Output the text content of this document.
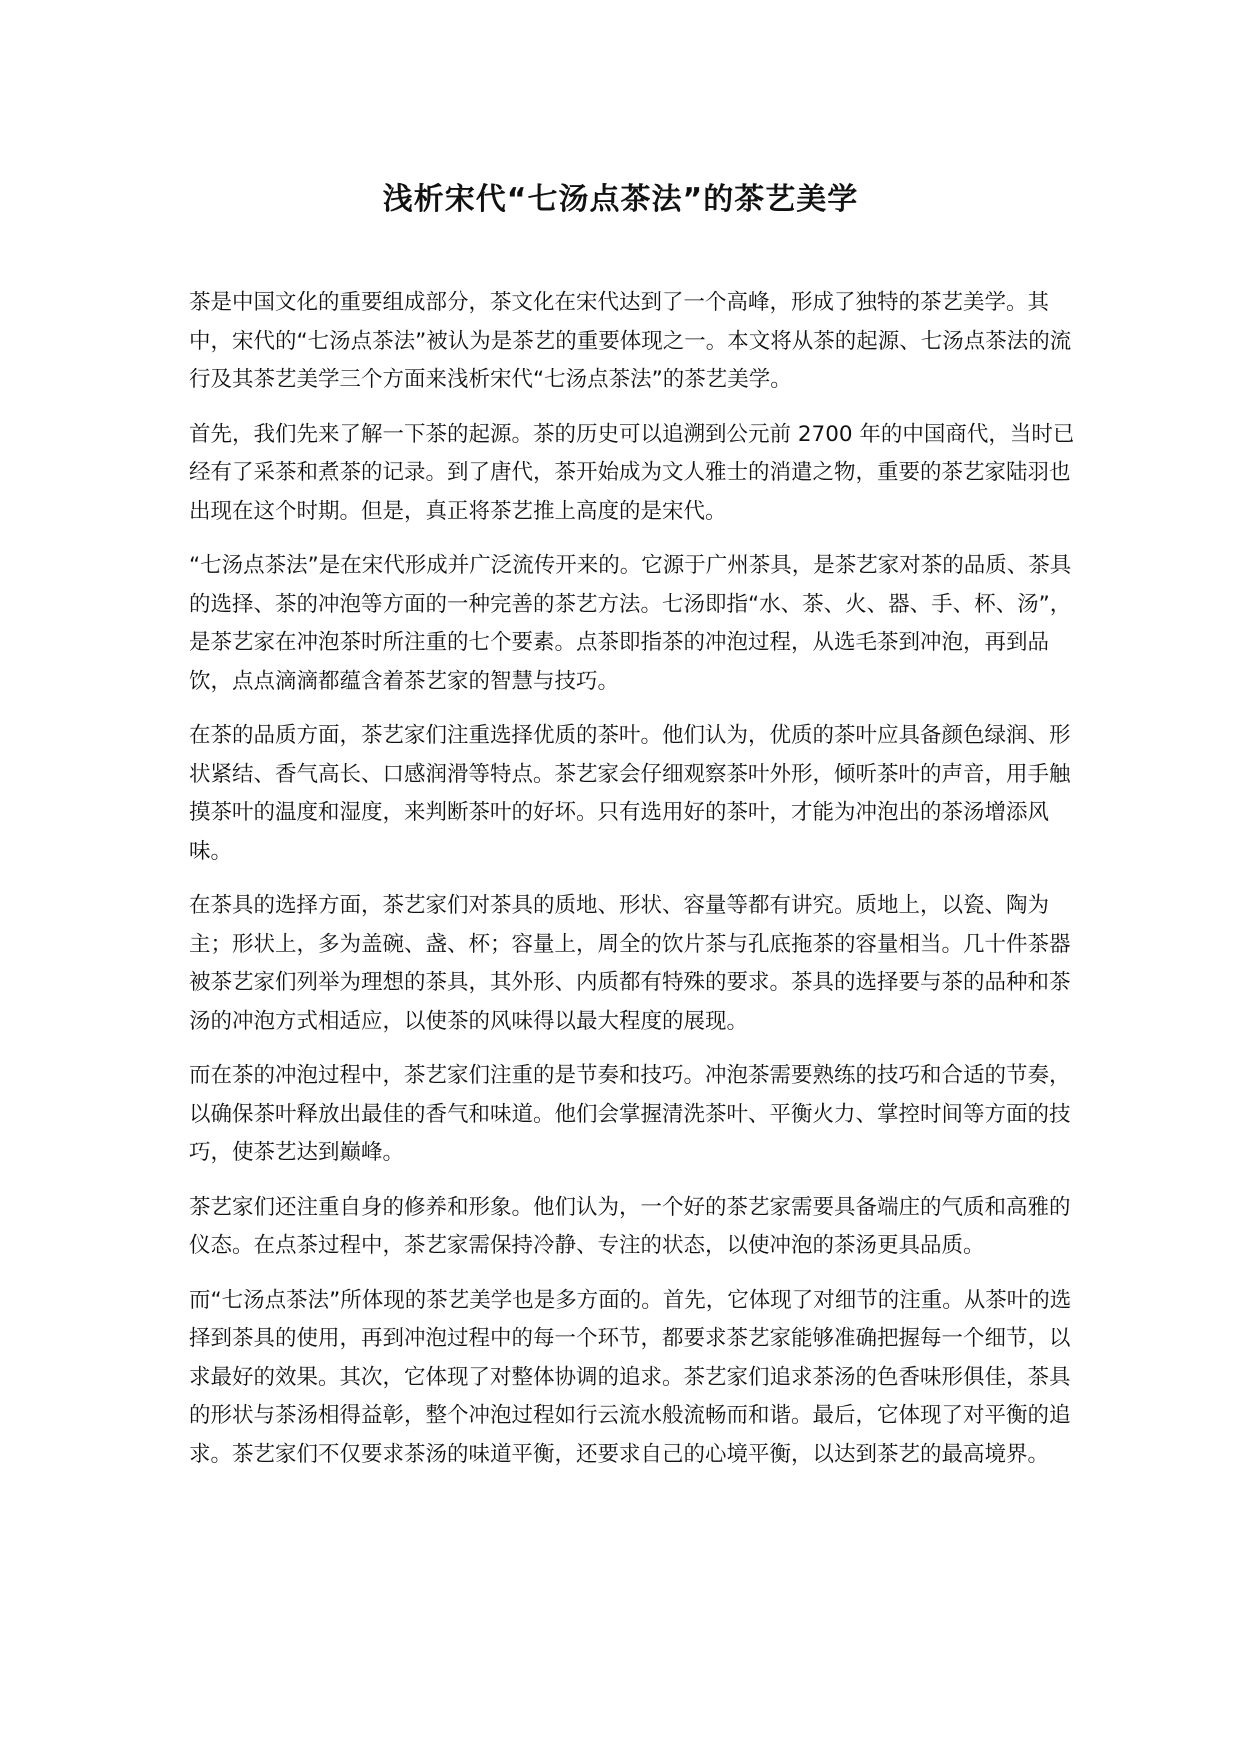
浅析宋代“七汤点茶法”的茶艺美学

茶是中国文化的重要组成部分，茶文化在宋代达到了一个高峰，形成了独特的茶艺美学。其中，宋代的“七汤点茶法”被认为是茶艺的重要体现之一。本文将从茶的起源、七汤点茶法的流行及其茶艺美学三个方面来浅析宋代“七汤点茶法”的茶艺美学。

首先，我们先来了解一下茶的起源。茶的历史可以追溯到公元前 2700 年的中国商代，当时已经有了采茶和煮茶的记录。到了唐代，茶开始成为文人雅士的消遣之物，重要的茶艺家陆羽也出现在这个时期。但是，真正将茶艺推上高度的是宋代。

“七汤点茶法”是在宋代形成并广泛流传开来的。它源于广州茶具，是茶艺家对茶的品质、茶具的选择、茶的冲泡等方面的一种完善的茶艺方法。七汤即指“水、茶、火、器、手、杯、汤”，是茶艺家在冲泡茶时所注重的七个要素。点茶即指茶的冲泡过程，从选毛茶到冲泡，再到品饮，点点滴滴都蕴含着茶艺家的智慧与技巧。

在茶的品质方面，茶艺家们注重选择优质的茶叶。他们认为，优质的茶叶应具备颜色绿润、形状紧结、香气高长、口感润滑等特点。茶艺家会仔细观察茶叶外形，倾听茶叶的声音，用手触摸茶叶的温度和湿度，来判断茶叶的好坏。只有选用好的茶叶，才能为冲泡出的茶汤增添风味。

在茶具的选择方面，茶艺家们对茶具的质地、形状、容量等都有讲究。质地上，以瓷、陶为主；形状上，多为盖碗、盏、杯；容量上，周全的饮片茶与孔底拖茶的容量相当。几十件茶器被茶艺家们列举为理想的茶具，其外形、内质都有特殊的要求。茶具的选择要与茶的品种和茶汤的冲泡方式相适应，以使茶的风味得以最大程度的展现。

而在茶的冲泡过程中，茶艺家们注重的是节奏和技巧。冲泡茶需要熟练的技巧和合适的节奏，以确保茶叶释放出最佳的香气和味道。他们会掌握清洗茶叶、平衡火力、掌控时间等方面的技巧，使茶艺达到巅峰。

茶艺家们还注重自身的修养和形象。他们认为，一个好的茶艺家需要具备端庄的气质和高雅的仪态。在点茶过程中，茶艺家需保持冷静、专注的状态，以使冲泡的茶汤更具品质。

而“七汤点茶法”所体现的茶艺美学也是多方面的。首先，它体现了对细节的注重。从茶叶的选择到茶具的使用，再到冲泡过程中的每一个环节，都要求茶艺家能够准确把握每一个细节，以求最好的效果。其次，它体现了对整体协调的追求。茶艺家们追求茶汤的色香味形俱佳，茶具的形状与茶汤相得益彰，整个冲泡过程如行云流水般流畅而和谐。最后，它体现了对平衡的追求。茶艺家们不仅要求茶汤的味道平衡，还要求自己的心境平衡，以达到茶艺的最高境界。
